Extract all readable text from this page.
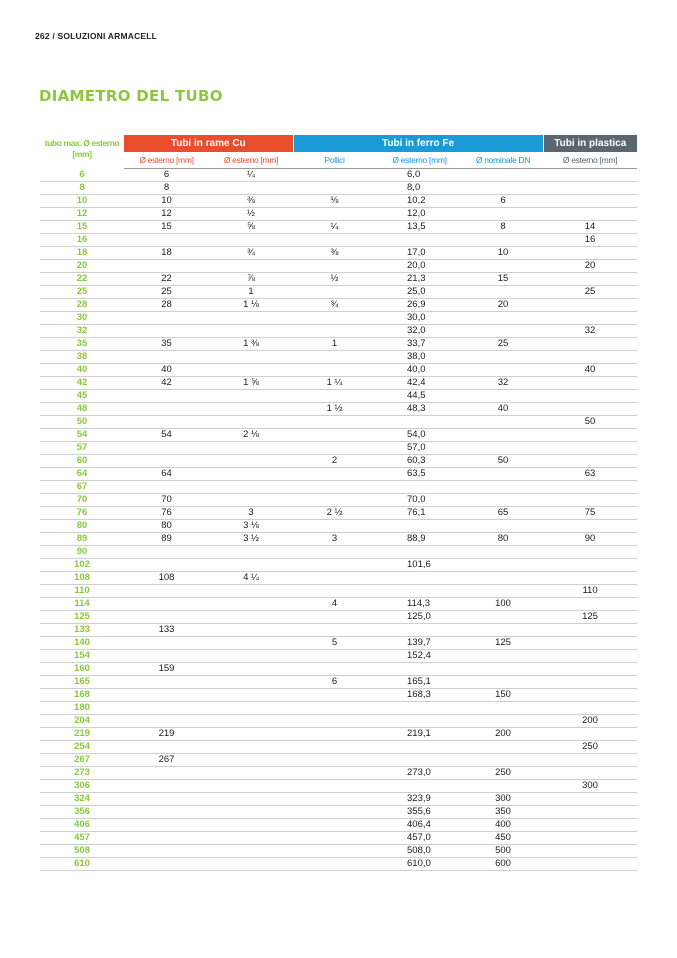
262 / SOLUZIONI ARMACELL
DIAMETRO DEL TUBO
tubo max. Ø esterno [mm]	Tubi in rame Cu		Tubi in ferro Fe			Tubi in plastica
	Ø esterno [mm]	Ø esterno [mm]	Pollici	Ø esterno [mm]	Ø nominale DN	Ø esterno [mm]
6	6	¼		6,0		
8	8			8,0		
10	10	⅜	⅛	10,2	6	
12	12	½		12,0		
15	15	⅝	¼	13,5	8	14
16						16
18	18	¾	⅜	17,0	10	
20				20,0		20
22	22	⅞	½	21,3	15	
25	25	1		25,0		25
28	28	1 ⅛	¾	26,9	20	
30				30,0		
32				32,0		32
35	35	1 ⅜	1	33,7	25	
38				38,0		
40	40			40,0		40
42	42	1 ⅝	1 ¼	42,4	32	
45				44,5		
48			1 ½	48,3	40	
50						50
54	54	2 ⅛		54,0		
57				57,0		
60			2	60,3	50	
64	64			63,5		63
67						
70	70			70,0		
76	76	3	2 ½	76,1	65	75
80	80	3 ⅛				
89	89	3 ½	3	88,9	80	90
90						
102				101,6		
108	108	4 ¼				
110						110
114			4	114,3	100	
125				125,0		125
133	133					
140			5	139,7	125	
154				152,4		
160	159					
165			6	165,1		
168				168,3	150	
180						
204						200
219	219			219,1	200	
254						250
267	267					
273				273,0	250	
306						300
324				323,9	300	
356				355,6	350	
406				406,4	400	
457				457,0	450	
508				508,0	500	
610				610,0	600	
